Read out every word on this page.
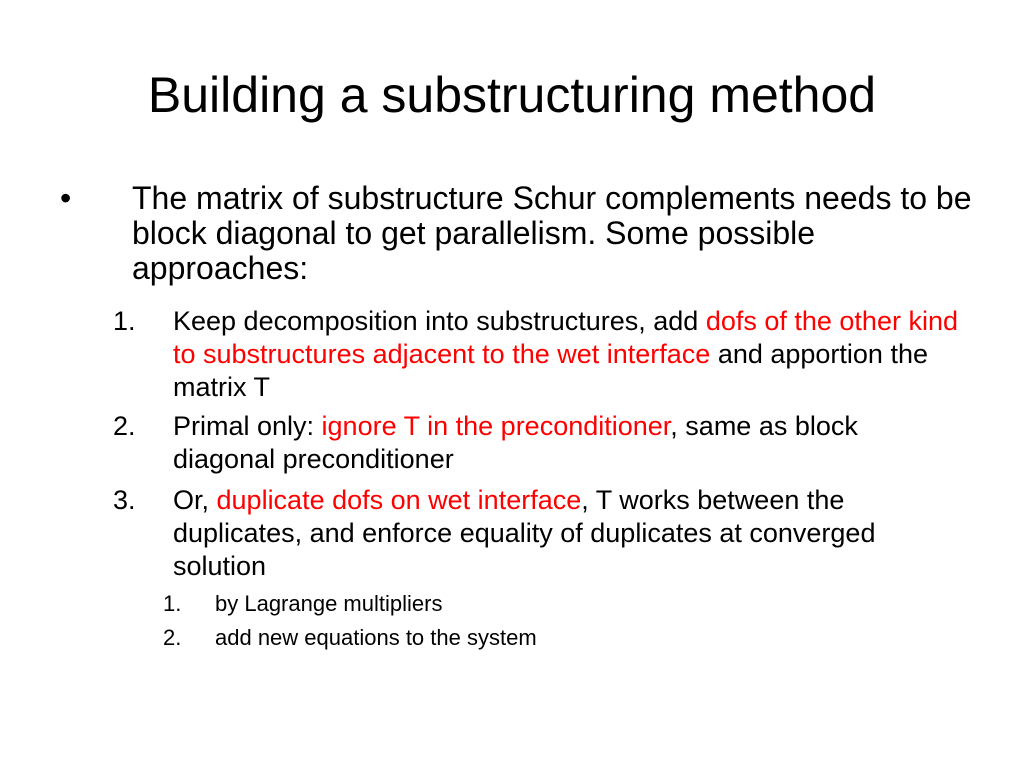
Building a substructuring method
•	The matrix of substructure Schur complements needs to be block diagonal to get parallelism. Some possible approaches:
1.	Keep decomposition into substructures, add dofs of the other kind to substructures adjacent to the wet interface and apportion the matrix T
2.	Primal only: ignore T in the preconditioner, same as block diagonal preconditioner
3.	Or, duplicate dofs on wet interface, T works between the duplicates, and enforce equality of duplicates at converged solution
1.	by Lagrange multipliers
2.	add new equations to the system
